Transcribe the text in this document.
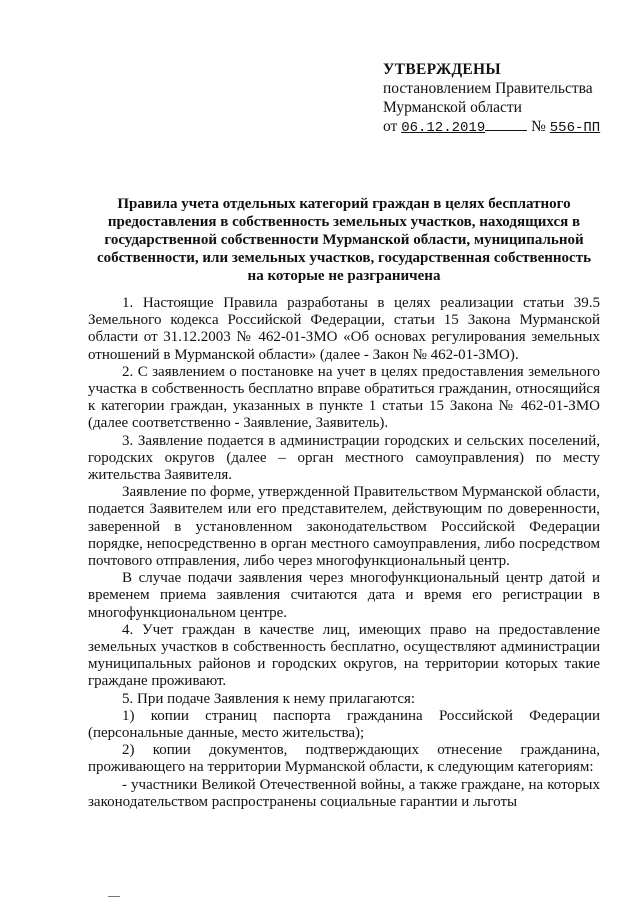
УТВЕРЖДЕНЫ
постановлением Правительства
Мурманской области
от 06.12.2019	№ 556-ПП
Правила учета отдельных категорий граждан в целях бесплатного предоставления в собственность земельных участков, находящихся в государственной собственности Мурманской области, муниципальной собственности, или земельных участков, государственная собственность на которые не разграничена

1. Настоящие Правила разработаны в целях реализации статьи 39.5 Земельного кодекса Российской Федерации, статьи 15 Закона Мурманской области от 31.12.2003 № 462-01-ЗМО «Об основах регулирования земельных отношений в Мурманской области» (далее - Закон № 462-01-ЗМО).

2. С заявлением о постановке на учет в целях предоставления земельного участка в собственность бесплатно вправе обратиться гражданин, относящийся к категории граждан, указанных в пункте 1 статьи 15 Закона № 462-01-ЗМО (далее соответственно - Заявление, Заявитель).

3. Заявление подается в администрации городских и сельских поселений, городских округов (далее – орган местного самоуправления) по месту жительства Заявителя.

Заявление по форме, утвержденной Правительством Мурманской области, подается Заявителем или его представителем, действующим по доверенности, заверенной в установленном законодательством Российской Федерации порядке, непосредственно в орган местного самоуправления, либо посредством почтового отправления, либо через многофункциональный центр.

В случае подачи заявления через многофункциональный центр датой и временем приема заявления считаются дата и время его регистрации в многофункциональном центре.

4. Учет граждан в качестве лиц, имеющих право на предоставление земельных участков в собственность бесплатно, осуществляют администрации муниципальных районов и городских округов, на территории которых такие граждане проживают.

5. При подаче Заявления к нему прилагаются:

1) копии страниц паспорта гражданина Российской Федерации (персональные данные, место жительства);

2) копии документов, подтверждающих отнесение гражданина, проживающего на территории Мурманской области, к следующим категориям:

- участники Великой Отечественной войны, а также граждане, на которых законодательством распространены социальные гарантии и льготы
